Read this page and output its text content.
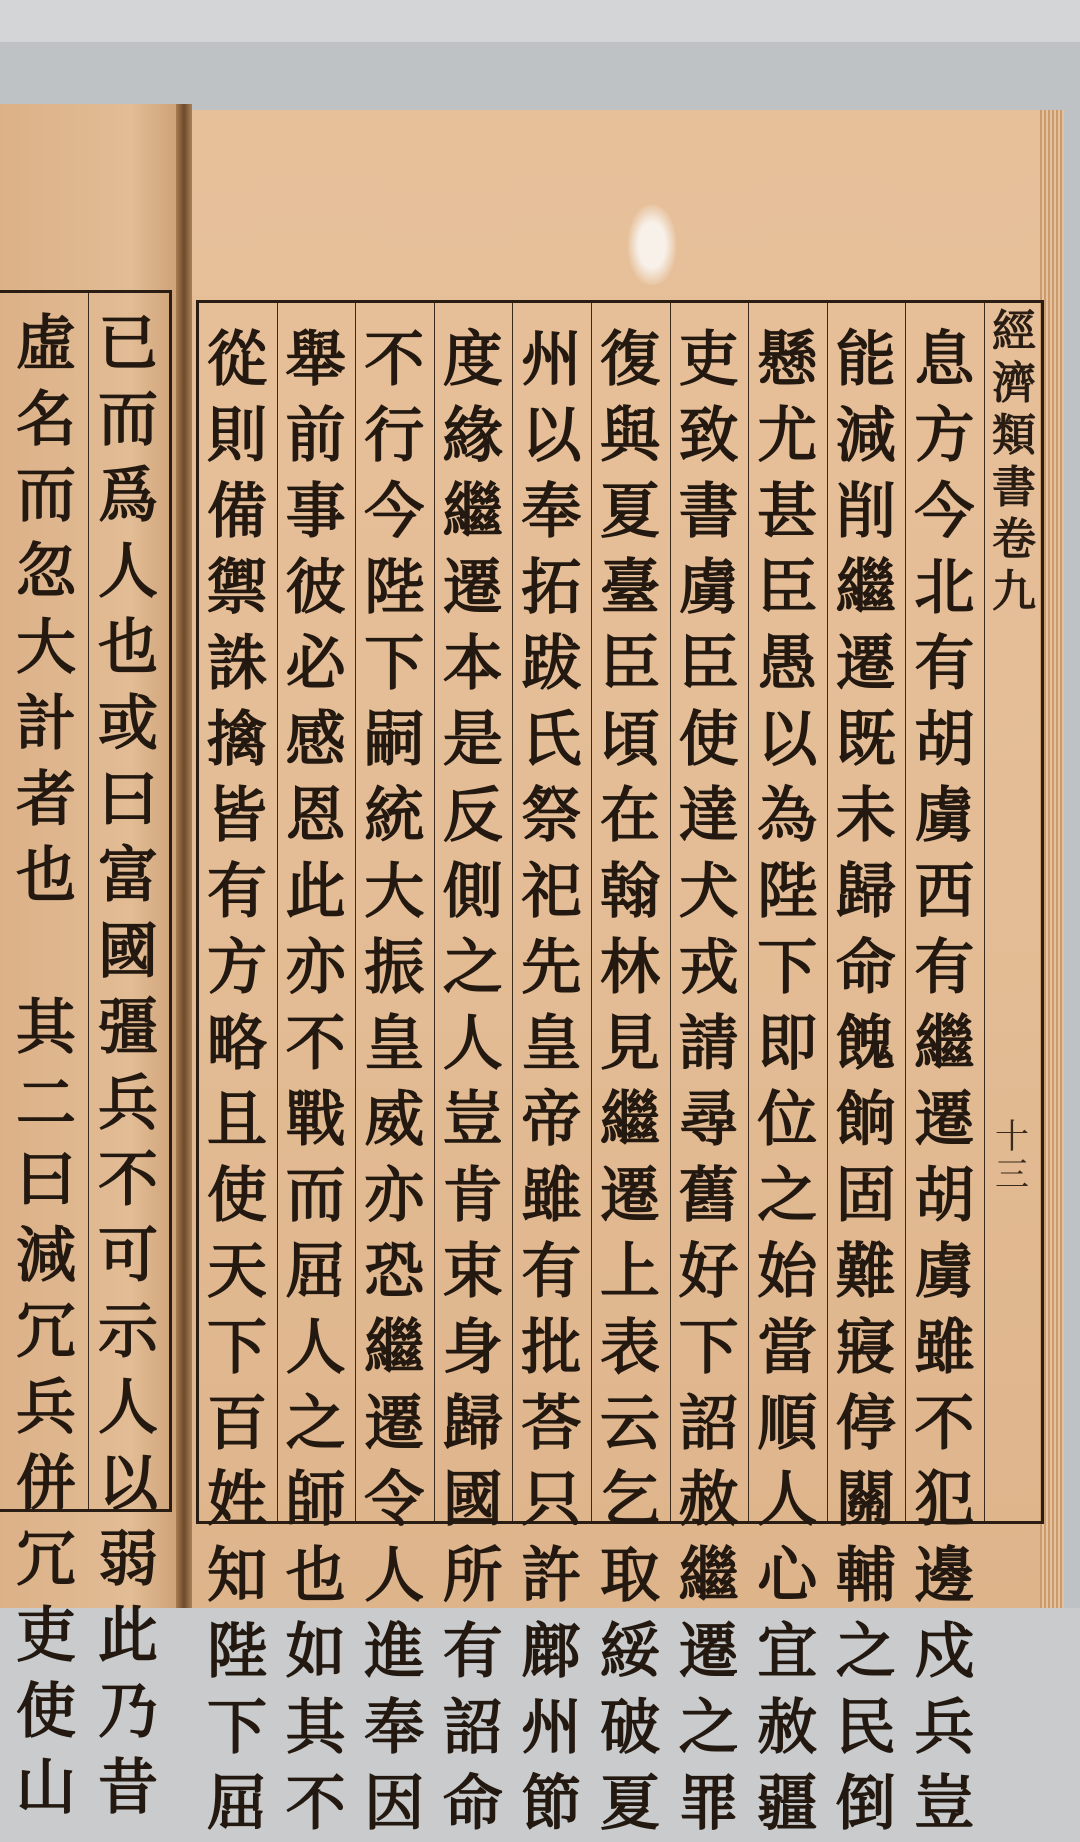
已
而
爲
人
也
或
曰
富
國
彊
兵
不
可
示
人
以
弱
此
乃
昔
虛
名
而
忽
大
計
者
也

其
二
曰
減
冗
兵
併
冗
吏
使
山
息
方
今
北
有
胡
虜
西
有
繼
遷
胡
虜
雖
不
犯
邊
戍
兵
豈
能
減
削
繼
遷
既
未
歸
命
餽
餉
固
難
寢
停
關
輔
之
民
倒
懸
尤
甚
臣
愚
以
為
陛
下
即
位
之
始
當
順
人
心
宜
赦
疆
吏
致
書
虜
臣
使
達
犬
戎
請
尋
舊
好
下
詔
赦
繼
遷
之
罪
復
與
夏
臺
臣
頃
在
翰
林
見
繼
遷
上
表
云
乞
取
綏
破
夏
州
以
奉
拓
跋
氏
祭
祀
先
皇
帝
雖
有
批
荅
只
許
鄜
州
節
度
緣
繼
遷
本
是
反
側
之
人
豈
肯
束
身
歸
國
所
有
詔
命
不
行
今
陛
下
嗣
統
大
振
皇
威
亦
恐
繼
遷
令
人
進
奉
因
舉
前
事
彼
必
感
恩
此
亦
不
戰
而
屈
人
之
師
也
如
其
不
從
則
備
禦
誅
擒
皆
有
方
略
且
使
天
下
百
姓
知
陛
下
屈
經
濟
類
書
卷
九
十
三
